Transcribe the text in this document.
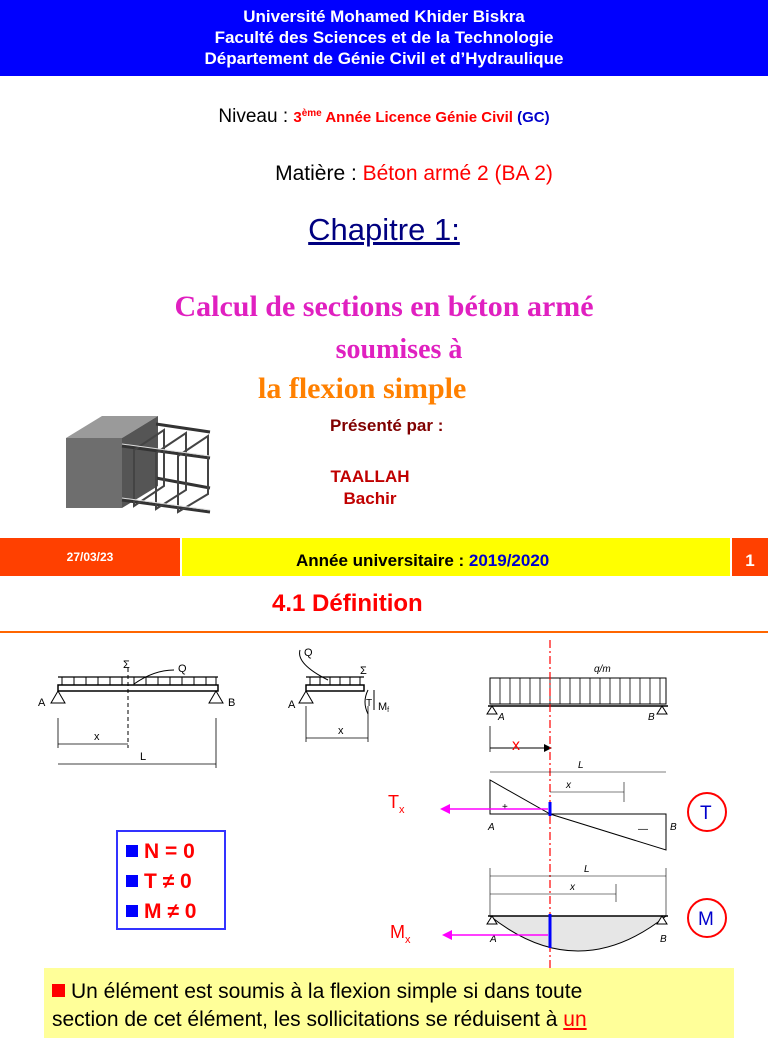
Université Mohamed Khider Biskra
Faculté des Sciences et de la Technologie
Département de Génie Civil et d’Hydraulique
Niveau : 3ème Année Licence Génie Civil (GC)
Matière : Béton armé 2 (BA 2)
Chapitre 1:
Calcul de sections en béton armé
soumises à
la flexion simple
Présenté par :
TAALLAH
Bachir
27/03/23	Année universitaire : 2019/2020	1
4.1 Définition
A	B
Σ	Q
x
L
A
Σ
Q
T Mf
x
q/m
A	B
x
L
x
+
—
A	B
$T_x$	T
L
x
A	B
$M_x$
M
N = 0
T ≠ 0
M ≠ 0
Un élément est soumis à la flexion simple si dans toute
section de cet élément, les sollicitations se réduisent à un
